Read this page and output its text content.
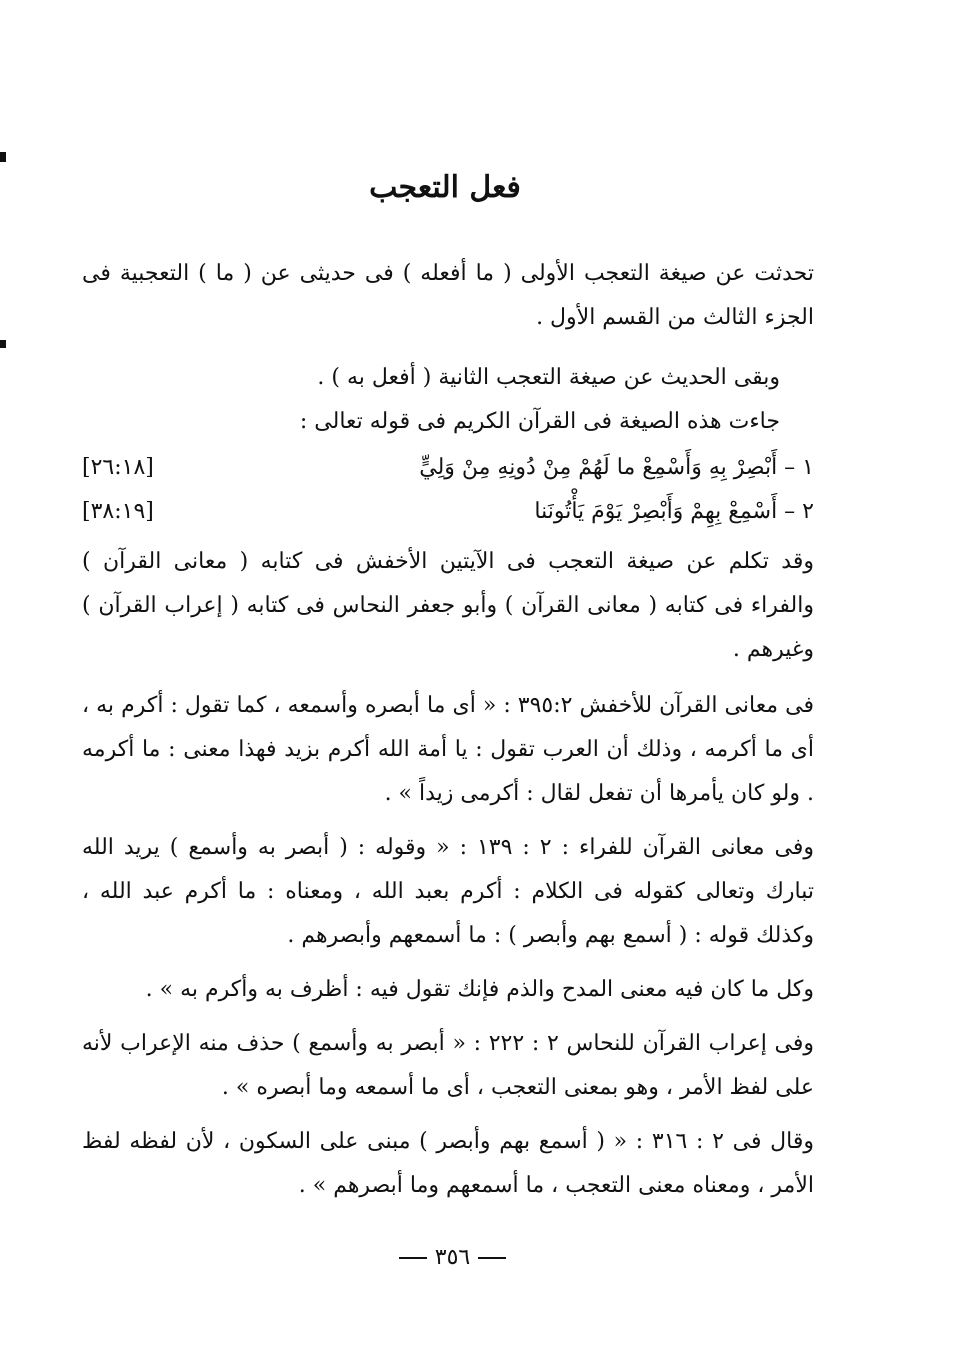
فعل التعجب
تحدثت عن صيغة التعجب الأولى ( ما أفعله ) فى حديثى عن ( ما ) التعجبية فى الجزء الثالث من القسم الأول .
وبقى الحديث عن صيغة التعجب الثانية ( أفعل به ) .
جاءت هذه الصيغة فى القرآن الكريم فى قوله تعالى :
١ – أَبْصِرْ بِهِ وَأَسْمِعْ ما لَهُمْ مِنْ دُونِهِ مِنْ وَلِيٍّ
[٢٦:١٨]
٢ – أَسْمِعْ بِهِمْ وَأَبْصِرْ يَوْمَ يَأْتُونَنا
[٣٨:١٩]
وقد تكلم عن صيغة التعجب فى الآيتين الأخفش فى كتابه ( معانى القرآن ) والفراء فى كتابه ( معانى القرآن ) وأبو جعفر النحاس فى كتابه ( إعراب القرآن ) وغيرهم .
فى معانى القرآن للأخفش ٣٩٥:٢ : « أى ما أبصره وأسمعه ، كما تقول : أكرم به ، أى ما أكرمه ، وذلك أن العرب تقول : يا أمة الله أكرم بزيد فهذا معنى : ما أكرمه . ولو كان يأمرها أن تفعل لقال : أكرمى زيداً » .
وفى معانى القرآن للفراء : ٢ : ١٣٩ : « وقوله : ( أبصر به وأسمع ) يريد الله تبارك وتعالى كقوله فى الكلام : أكرم بعبد الله ، ومعناه : ما أكرم عبد الله ، وكذلك قوله : ( أسمع بهم وأبصر ) : ما أسمعهم وأبصرهم .
وكل ما كان فيه معنى المدح والذم فإنك تقول فيه : أظرف به وأكرم به » .
وفى إعراب القرآن للنحاس ٢ : ٢٢٢ : « أبصر به وأسمع ) حذف منه الإعراب لأنه على لفظ الأمر ، وهو بمعنى التعجب ، أى ما أسمعه وما أبصره » .
وقال فى ٢ : ٣١٦ : « ( أسمع بهم وأبصر ) مبنى على السكون ، لأن لفظه لفظ الأمر ، ومعناه معنى التعجب ، ما أسمعهم وما أبصرهم » .
٣٥٦
